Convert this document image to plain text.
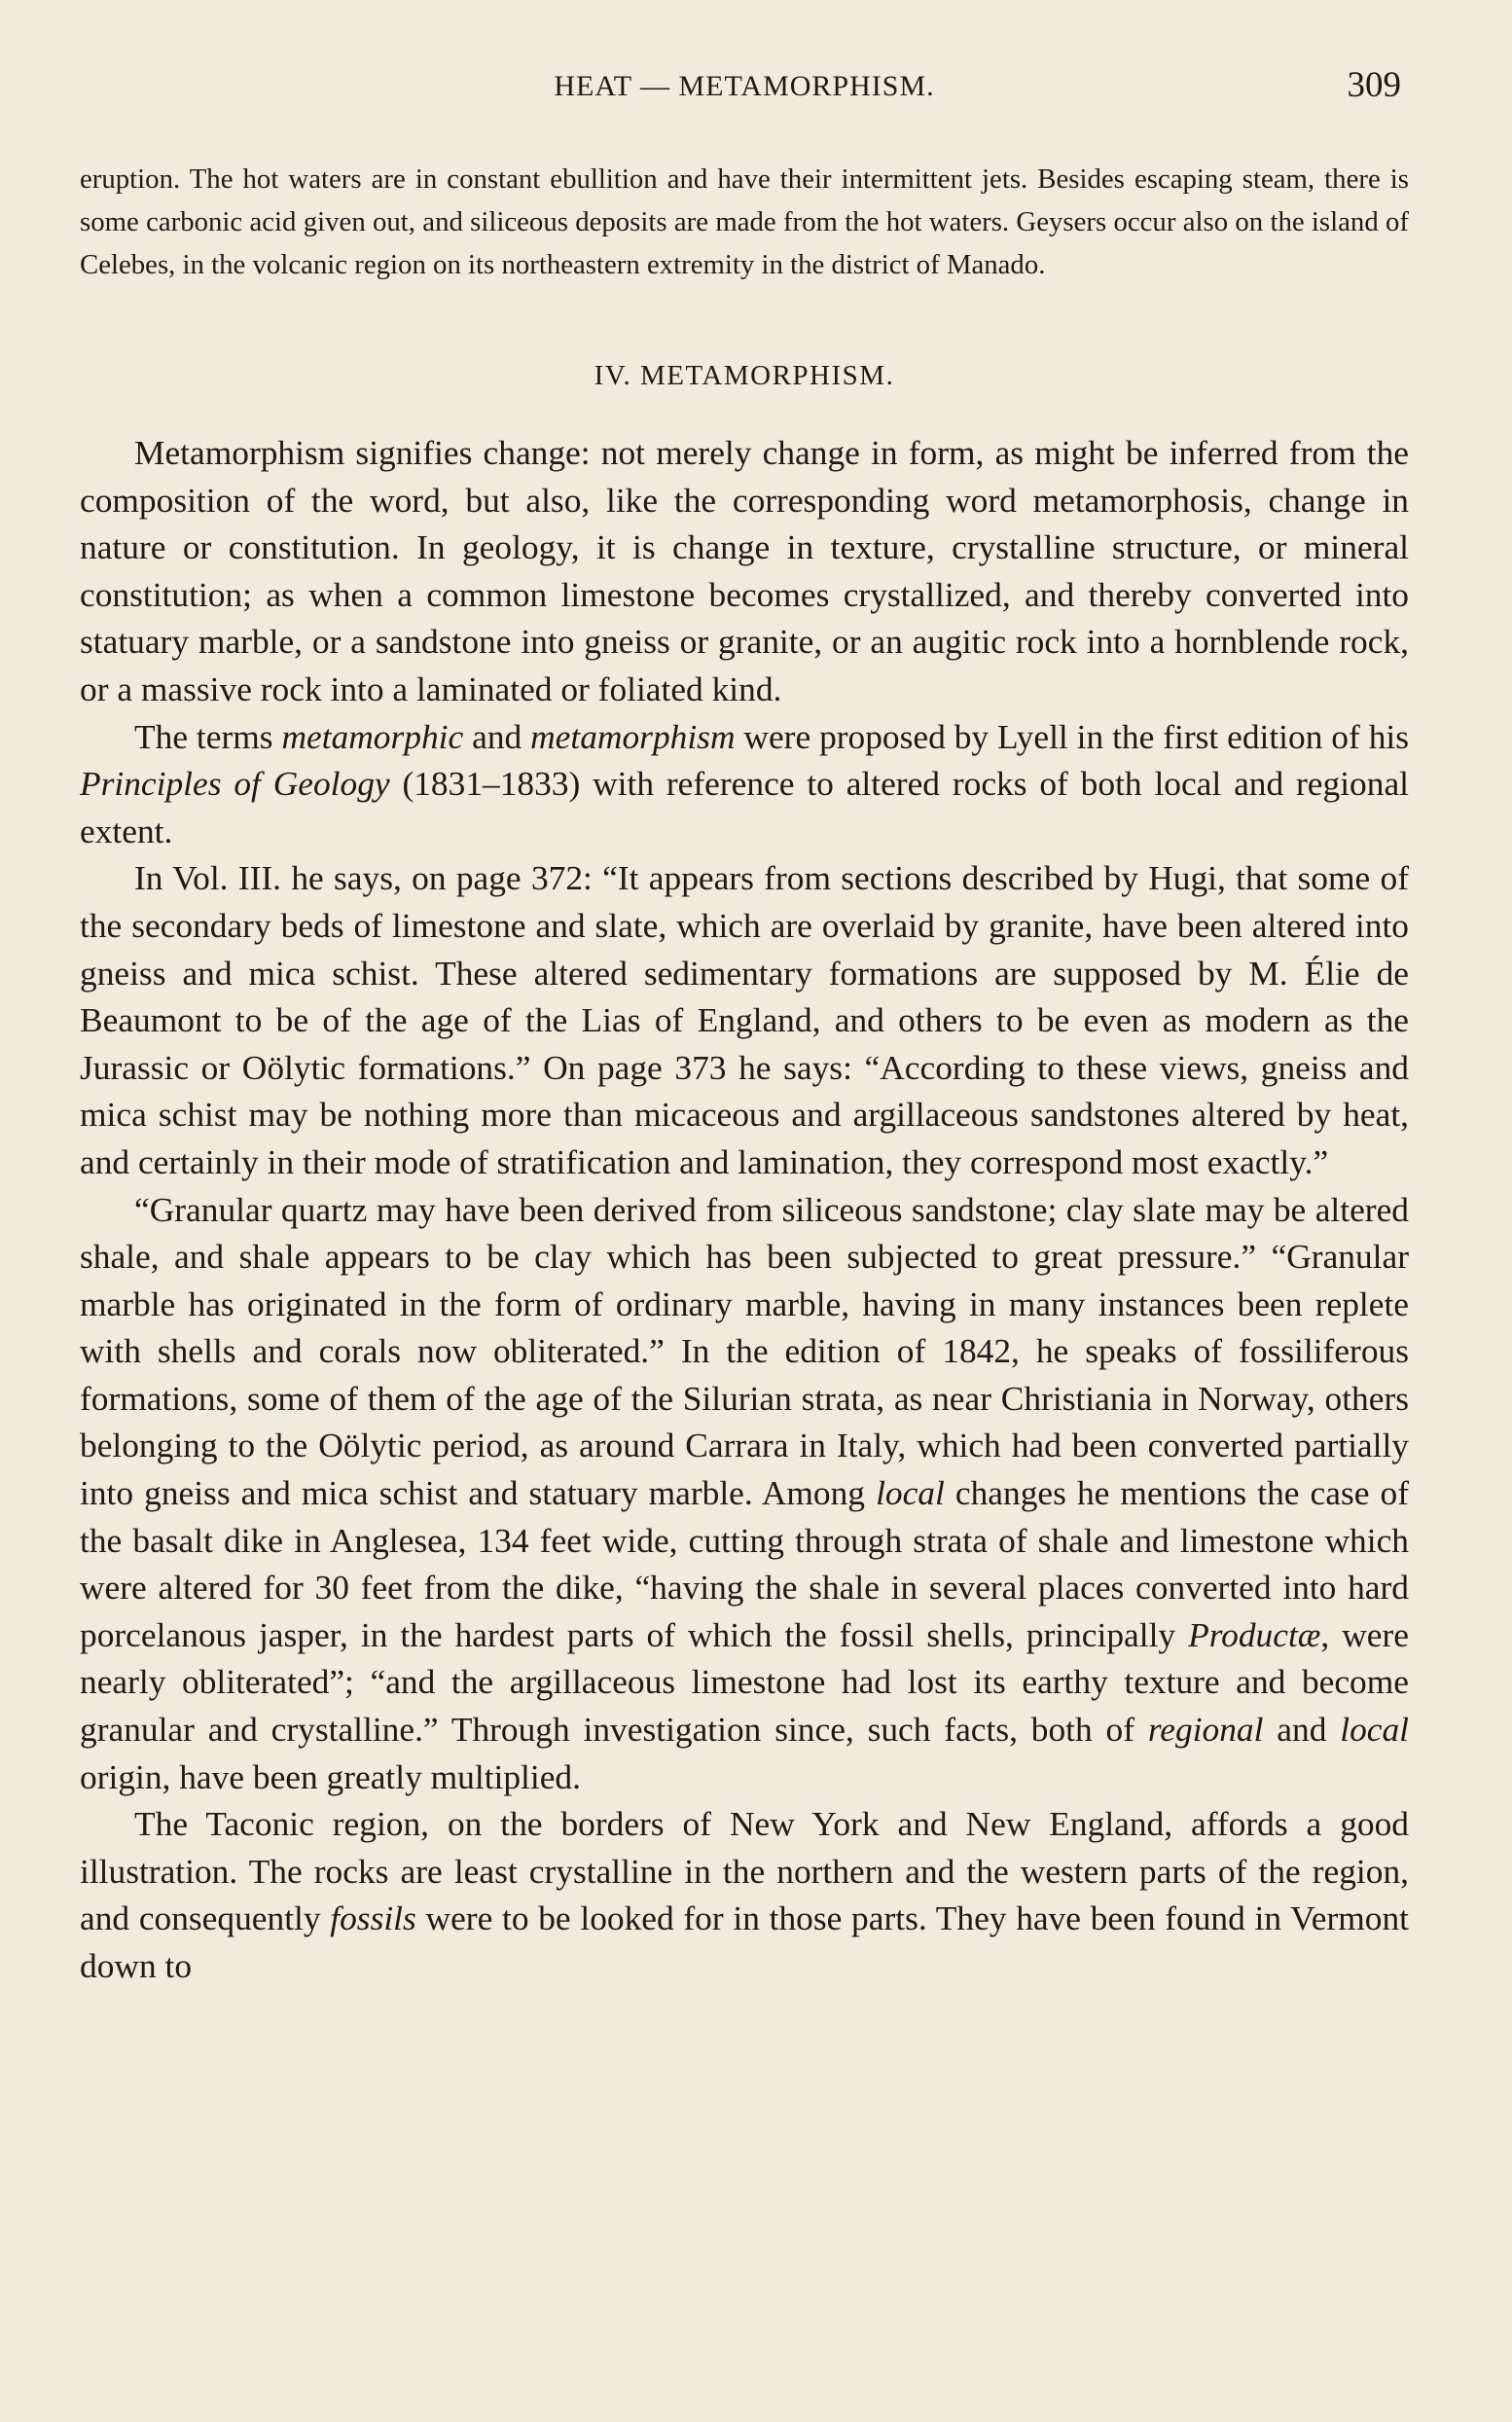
HEAT — METAMORPHISM.	309

eruption. The hot waters are in constant ebullition and have their intermittent jets. Besides escaping steam, there is some carbonic acid given out, and siliceous deposits are made from the hot waters. Geysers occur also on the island of Celebes, in the volcanic region on its northeastern extremity in the district of Manado.

IV. METAMORPHISM.

Metamorphism signifies change: not merely change in form, as might be inferred from the composition of the word, but also, like the corresponding word metamorphosis, change in nature or constitution. In geology, it is change in texture, crystalline structure, or mineral constitution; as when a common limestone becomes crystallized, and thereby converted into statuary marble, or a sandstone into gneiss or granite, or an augitic rock into a hornblende rock, or a massive rock into a laminated or foliated kind.

The terms metamorphic and metamorphism were proposed by Lyell in the first edition of his Principles of Geology (1831–1833) with reference to altered rocks of both local and regional extent.

In Vol. III. he says, on page 372: “It appears from sections described by Hugi, that some of the secondary beds of limestone and slate, which are overlaid by granite, have been altered into gneiss and mica schist. These altered sedimentary formations are supposed by M. Élie de Beaumont to be of the age of the Lias of England, and others to be even as modern as the Jurassic or Oölytic formations.” On page 373 he says: “According to these views, gneiss and mica schist may be nothing more than micaceous and argillaceous sandstones altered by heat, and certainly in their mode of stratification and lamination, they correspond most exactly.”

“Granular quartz may have been derived from siliceous sandstone; clay slate may be altered shale, and shale appears to be clay which has been subjected to great pressure.” “Granular marble has originated in the form of ordinary marble, having in many instances been replete with shells and corals now obliterated.” In the edition of 1842, he speaks of fossiliferous formations, some of them of the age of the Silurian strata, as near Christiania in Norway, others belonging to the Oölytic period, as around Carrara in Italy, which had been converted partially into gneiss and mica schist and statuary marble. Among local changes he mentions the case of the basalt dike in Anglesea, 134 feet wide, cutting through strata of shale and limestone which were altered for 30 feet from the dike, “having the shale in several places converted into hard porcelanous jasper, in the hardest parts of which the fossil shells, principally Productæ, were nearly obliterated”; “and the argillaceous limestone had lost its earthy texture and become granular and crystalline.” Through investigation since, such facts, both of regional and local origin, have been greatly multiplied.

The Taconic region, on the borders of New York and New England, affords a good illustration. The rocks are least crystalline in the northern and the western parts of the region, and consequently fossils were to be looked for in those parts. They have been found in Vermont down to
